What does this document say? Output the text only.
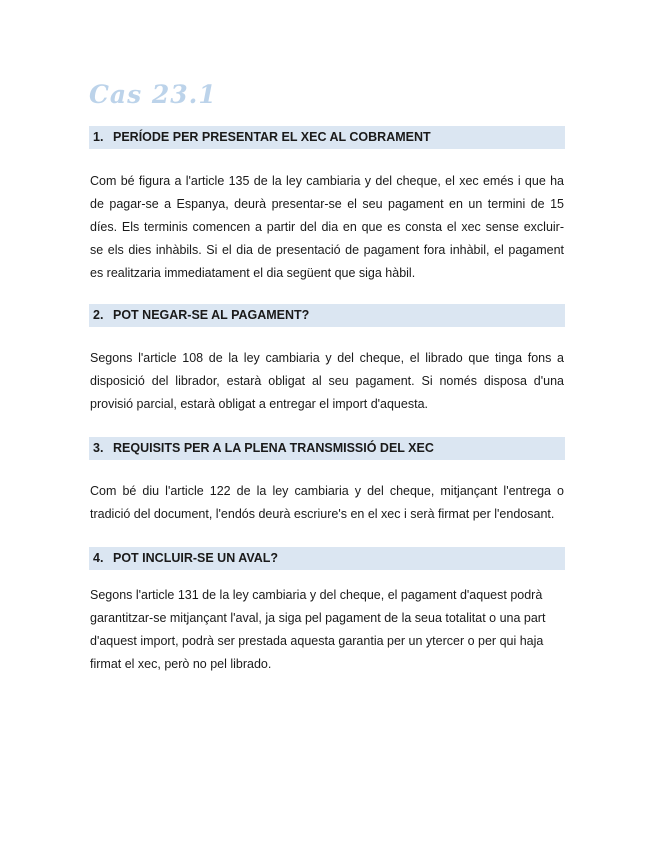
Cas 23.1
1. PERÍODE PER PRESENTAR EL XEC AL COBRAMENT
Com bé figura a l'article 135 de la ley cambiaria y del cheque, el xec emés i que ha
de pagar-se a Espanya, deurà presentar-se el seu pagament en un termini de 15
díes. Els terminis comencen a partir del dia en que es consta el xec sense excluir-
se els dies inhàbils. Si el dia de presentació de pagament fora inhàbil, el pagament
es realitzaria immediatament el dia següent que siga hàbil.
2. POT NEGAR-SE AL PAGAMENT?
Segons l'article 108 de la ley cambiaria y del cheque, el librado que tinga fons a
disposició del librador, estarà obligat al seu pagament. Si només disposa d'una
provisió parcial, estarà obligat a entregar el import d'aquesta.
3. REQUISITS PER A LA PLENA TRANSMISSIÓ DEL XEC
Com bé diu l'article 122 de la ley cambiaria y del cheque, mitjançant l'entrega o
tradició del document, l'endós deurà escriure's en el xec i serà firmat per l'endosant.
4. POT INCLUIR-SE UN AVAL?
Segons l'article 131 de la ley cambiaria y del cheque, el pagament d'aquest podrà
garantitzar-se mitjançant l'aval, ja siga pel pagament de la seua totalitat o una part
d'aquest import, podrà ser prestada aquesta garantia per un ytercer o per qui haja
firmat el xec, però no pel librado.
